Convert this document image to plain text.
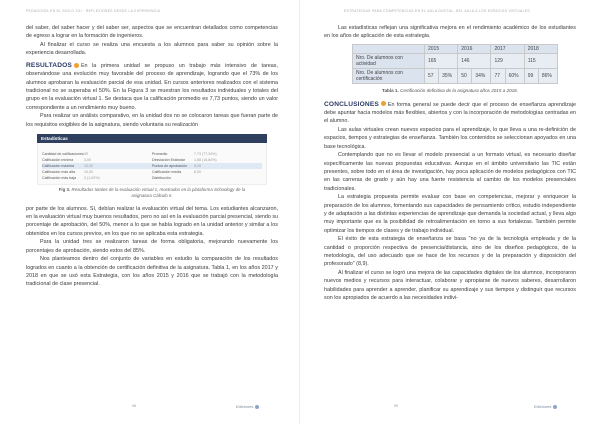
PEDAGOGÍA EN EL SIGLO XXI · REFLEXIONES DESDE LA EXPERIENCIA

del saber, del saber hacer y del saber ser, aspectos que se encuentran detallados como competencias de egreso a lograr en la formación de ingenieros.

Al finalizar el curso se realiza una encuesta a los alumnos para saber su opinión sobre la experiencia desarrollada.

RESULTADOS En la primera unidad se propuso un trabajo más intensivo de tareas, observándose una evolución muy favorable del proceso de aprendizaje, logrando que el 73% de los alumnos aprobaran la evaluación parcial de esa unidad. En cursos anteriores realizados con el sistema tradicional no se superaba el 50%. En la Figura 3 se muestran los resultados individuales y totales del grupo en la evaluación virtual 1. Se destaca que la calificación promedio es 7,73 puntos, siendo un valor correspondiente a un rendimiento muy bueno.

Para realizar un análisis comparativo, en la unidad dos no se colocaron tareas que fueran parte de los requisitos exigibles de la asignatura, siendo voluntaria su realización

Estadísticas
Cantidad de calificaciones 39
Calificación mínima	3,00
Calificación máxima	10,00
Calificación más alta	10,00
Calificación más baja	3 (1,00%)
Promedio	7,73 (77,34%)
Desviación Estándar	1,68 (16,84%)
Puntos de aprobación	5,00
Calificación media	8,00
Distribución
Fig 3. Resultados totales de la evaluación virtual 1, mostrados en la plataforma Schoology de la asignatura Cálculo II.

por parte de los alumnos. Sí, debían realizar la evaluación virtual del tema. Los estudiantes alcanzaron, en la evaluación virtual muy buenos resultados, pero no así en la evaluación parcial presencial, siendo su porcentaje de aprobación, del 50%, menor a lo que se había logrado en la unidad anterior y similar a los obtenidos en los cursos previos, en los que no se aplicaba esta estrategia.

Para la unidad tres se realizaron tareas de forma obligatoria, mejorando nuevamente los porcentajes de aprobación, siendo estos del 85%.

Nos planteamos dentro del conjunto de variables en estudio la comparación de los resultados logrados en cuanto a la obtención de certificación definitiva de la asignatura. Tabla 1, en los años 2017 y 2018 en que se usó esta Estrategia, con los años 2015 y 2016 que se trabajó con la metodología tradicional de clase presencial.

98	Ediciones
ESTRATEGIAS PARA COMPETENCIAS EN EL AULA DIGITAL: DEL AULA A LOS ESPACIOS VIRTUALES

Las estadísticas reflejan una significativa mejora en el rendimiento académico de los estudiantes en los años de aplicación de esta estrategia.

	2015		2016		2017		2018	
Nro. De alumnos con actividad	165		146		129		115	
Nro. De alumnos con certificación	57	35%	50	34%	77	60%	99	86%
Tabla 1. Certificación definitiva de la asignatura años 2015 a 2018.

CONCLUSIONES En forma general se puede decir que el proceso de enseñanza aprendizaje debe apuntar hacia modelos más flexibles, abiertos y con la incorporación de metodologías centradas en el alumno.

Las aulas virtuales crean nuevos espacios para el aprendizaje, lo que lleva a una re-definición de espacios, tiempos y estrategias de enseñanza. También los contenidos se seleccionan apoyados en una base tecnológica.

Contemplando que no es llevar el modelo presencial a un formato virtual, es necesario diseñar específicamente las nuevas propuestas educativas. Aunque en el ámbito universitario las TIC están presentes, sobre todo en el área de investigación, hay poca aplicación de modelos pedagógicos con TIC en las carreras de grado y aún hay una fuerte resistencia al cambio de los modelos presenciales tradicionales.

La estrategia propuesta permite evaluar con base en competencias, mejorar y enriquecer la preparación de los alumnos, fomentando sus capacidades de pensamiento crítico, estudio independiente y de adaptación a las distintas experiencias de aprendizaje que demanda la sociedad actual, y lleva algo muy importante que es la posibilidad de retroalimentación en torno a sus fortalezas. También permite optimizar los tiempos de clases y de trabajo individual.

El éxito de esta estrategia de enseñanza se basa "no ya de la tecnología empleada y de la cantidad o proporción respectiva de presencia/distancia, sino de los diseños pedagógicos, de la metodología, del uso adecuado que se hace de los recursos y de la preparación y disposición del profesorado" (8,9).

Al finalizar el curso se logró una mejora de las capacidades digitales de los alumnos, incorporaron nuevos medios y recursos para interactuar, colaborar y apropiarse de nuevos saberes, desarrollaron habilidades para aprender a aprender, planificar su aprendizaje y sus tiempos y distinguir que recursos son los apropiados de acuerdo a las necesidades indivi-

99	Ediciones
